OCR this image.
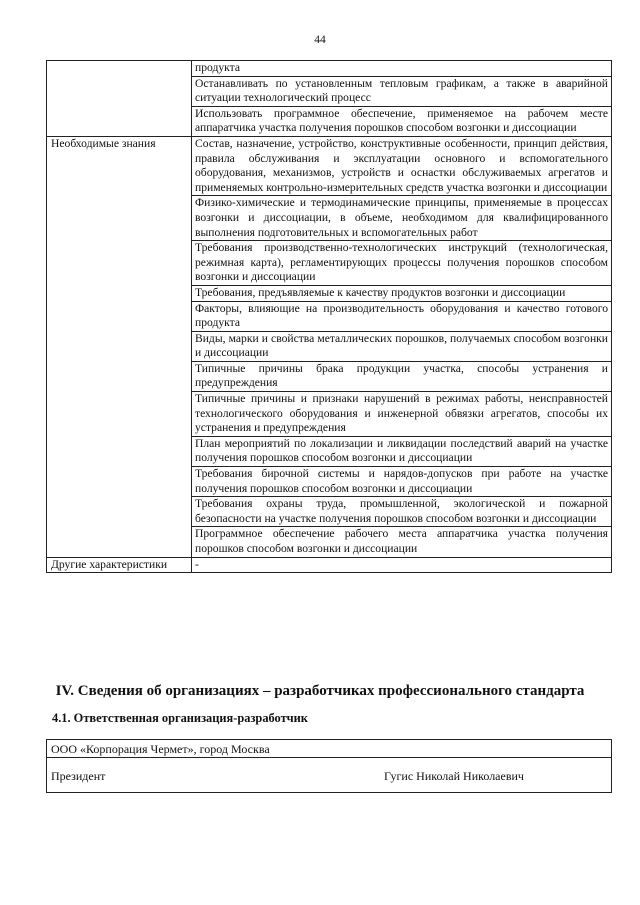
44
	продукта
	Останавливать по установленным тепловым графикам, а также в аварийной ситуации технологический процесс
	Использовать программное обеспечение, применяемое на рабочем месте аппаратчика участка получения порошков способом возгонки и диссоциации
Необходимые знания	Состав, назначение, устройство, конструктивные особенности, принцип действия, правила обслуживания и эксплуатации основного и вспомогательного оборудования, механизмов, устройств и оснастки обслуживаемых агрегатов и применяемых контрольно-измерительных средств участка возгонки и диссоциации
	Физико-химические и термодинамические принципы, применяемые в процессах возгонки и диссоциации, в объеме, необходимом для квалифицированного выполнения подготовительных и вспомогательных работ
	Требования производственно-технологических инструкций (технологическая, режимная карта), регламентирующих процессы получения порошков способом возгонки и диссоциации
	Требования, предъявляемые к качеству продуктов возгонки и диссоциации
	Факторы, влияющие на производительность оборудования и качество готового продукта
	Виды, марки и свойства металлических порошков, получаемых способом возгонки и диссоциации
	Типичные причины брака продукции участка, способы устранения и предупреждения
	Типичные причины и признаки нарушений в режимах работы, неисправностей технологического оборудования и инженерной обвязки агрегатов, способы их устранения и предупреждения
	План мероприятий по локализации и ликвидации последствий аварий на участке получения порошков способом возгонки и диссоциации
	Требования бирочной системы и нарядов-допусков при работе на участке получения порошков способом возгонки и диссоциации
	Требования охраны труда, промышленной, экологической и пожарной безопасности на участке получения порошков способом возгонки и диссоциации
	Программное обеспечение рабочего места аппаратчика участка получения порошков способом возгонки и диссоциации
Другие характеристики	-
IV. Сведения об организациях – разработчиках профессионального стандарта
4.1. Ответственная организация-разработчик
ООО «Корпорация Чермет», город Москва
Президент	Гугис Николай Николаевич
